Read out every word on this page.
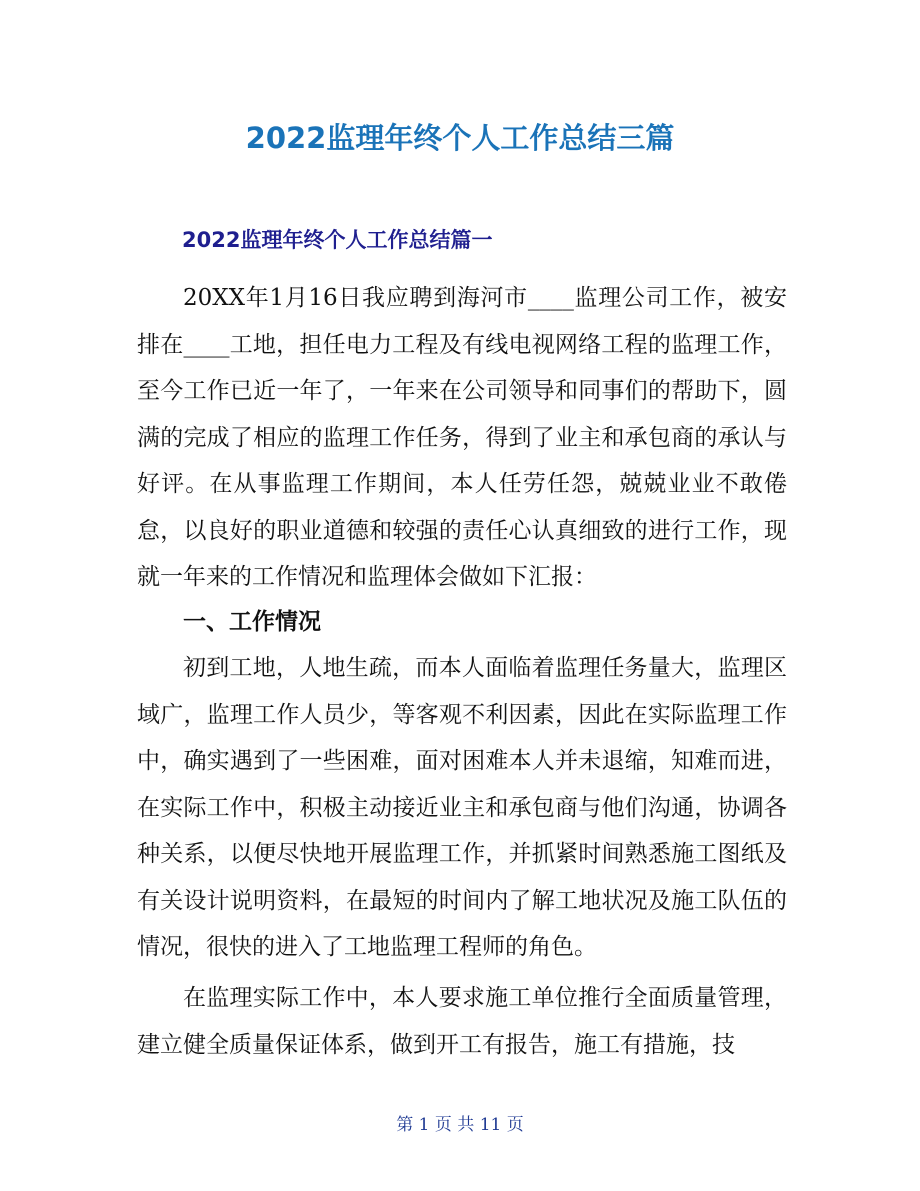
2022监理年终个人工作总结三篇
2022监理年终个人工作总结篇一

20XX年1月16日我应聘到海河市____监理公司工作，被安排在____工地，担任电力工程及有线电视网络工程的监理工作，至今工作已近一年了，一年来在公司领导和同事们的帮助下，圆满的完成了相应的监理工作任务，得到了业主和承包商的承认与好评。在从事监理工作期间，本人任劳任怨，兢兢业业不敢倦怠，以良好的职业道德和较强的责任心认真细致的进行工作，现就一年来的工作情况和监理体会做如下汇报：

一、工作情况

初到工地，人地生疏，而本人面临着监理任务量大，监理区域广，监理工作人员少，等客观不利因素，因此在实际监理工作中，确实遇到了一些困难，面对困难本人并未退缩，知难而进，在实际工作中，积极主动接近业主和承包商与他们沟通，协调各种关系，以便尽快地开展监理工作，并抓紧时间熟悉施工图纸及有关设计说明资料，在最短的时间内了解工地状况及施工队伍的情况，很快的进入了工地监理工程师的角色。

在监理实际工作中，本人要求施工单位推行全面质量管理，建立健全质量保证体系，做到开工有报告，施工有措施，技

第 1 页 共 11 页
